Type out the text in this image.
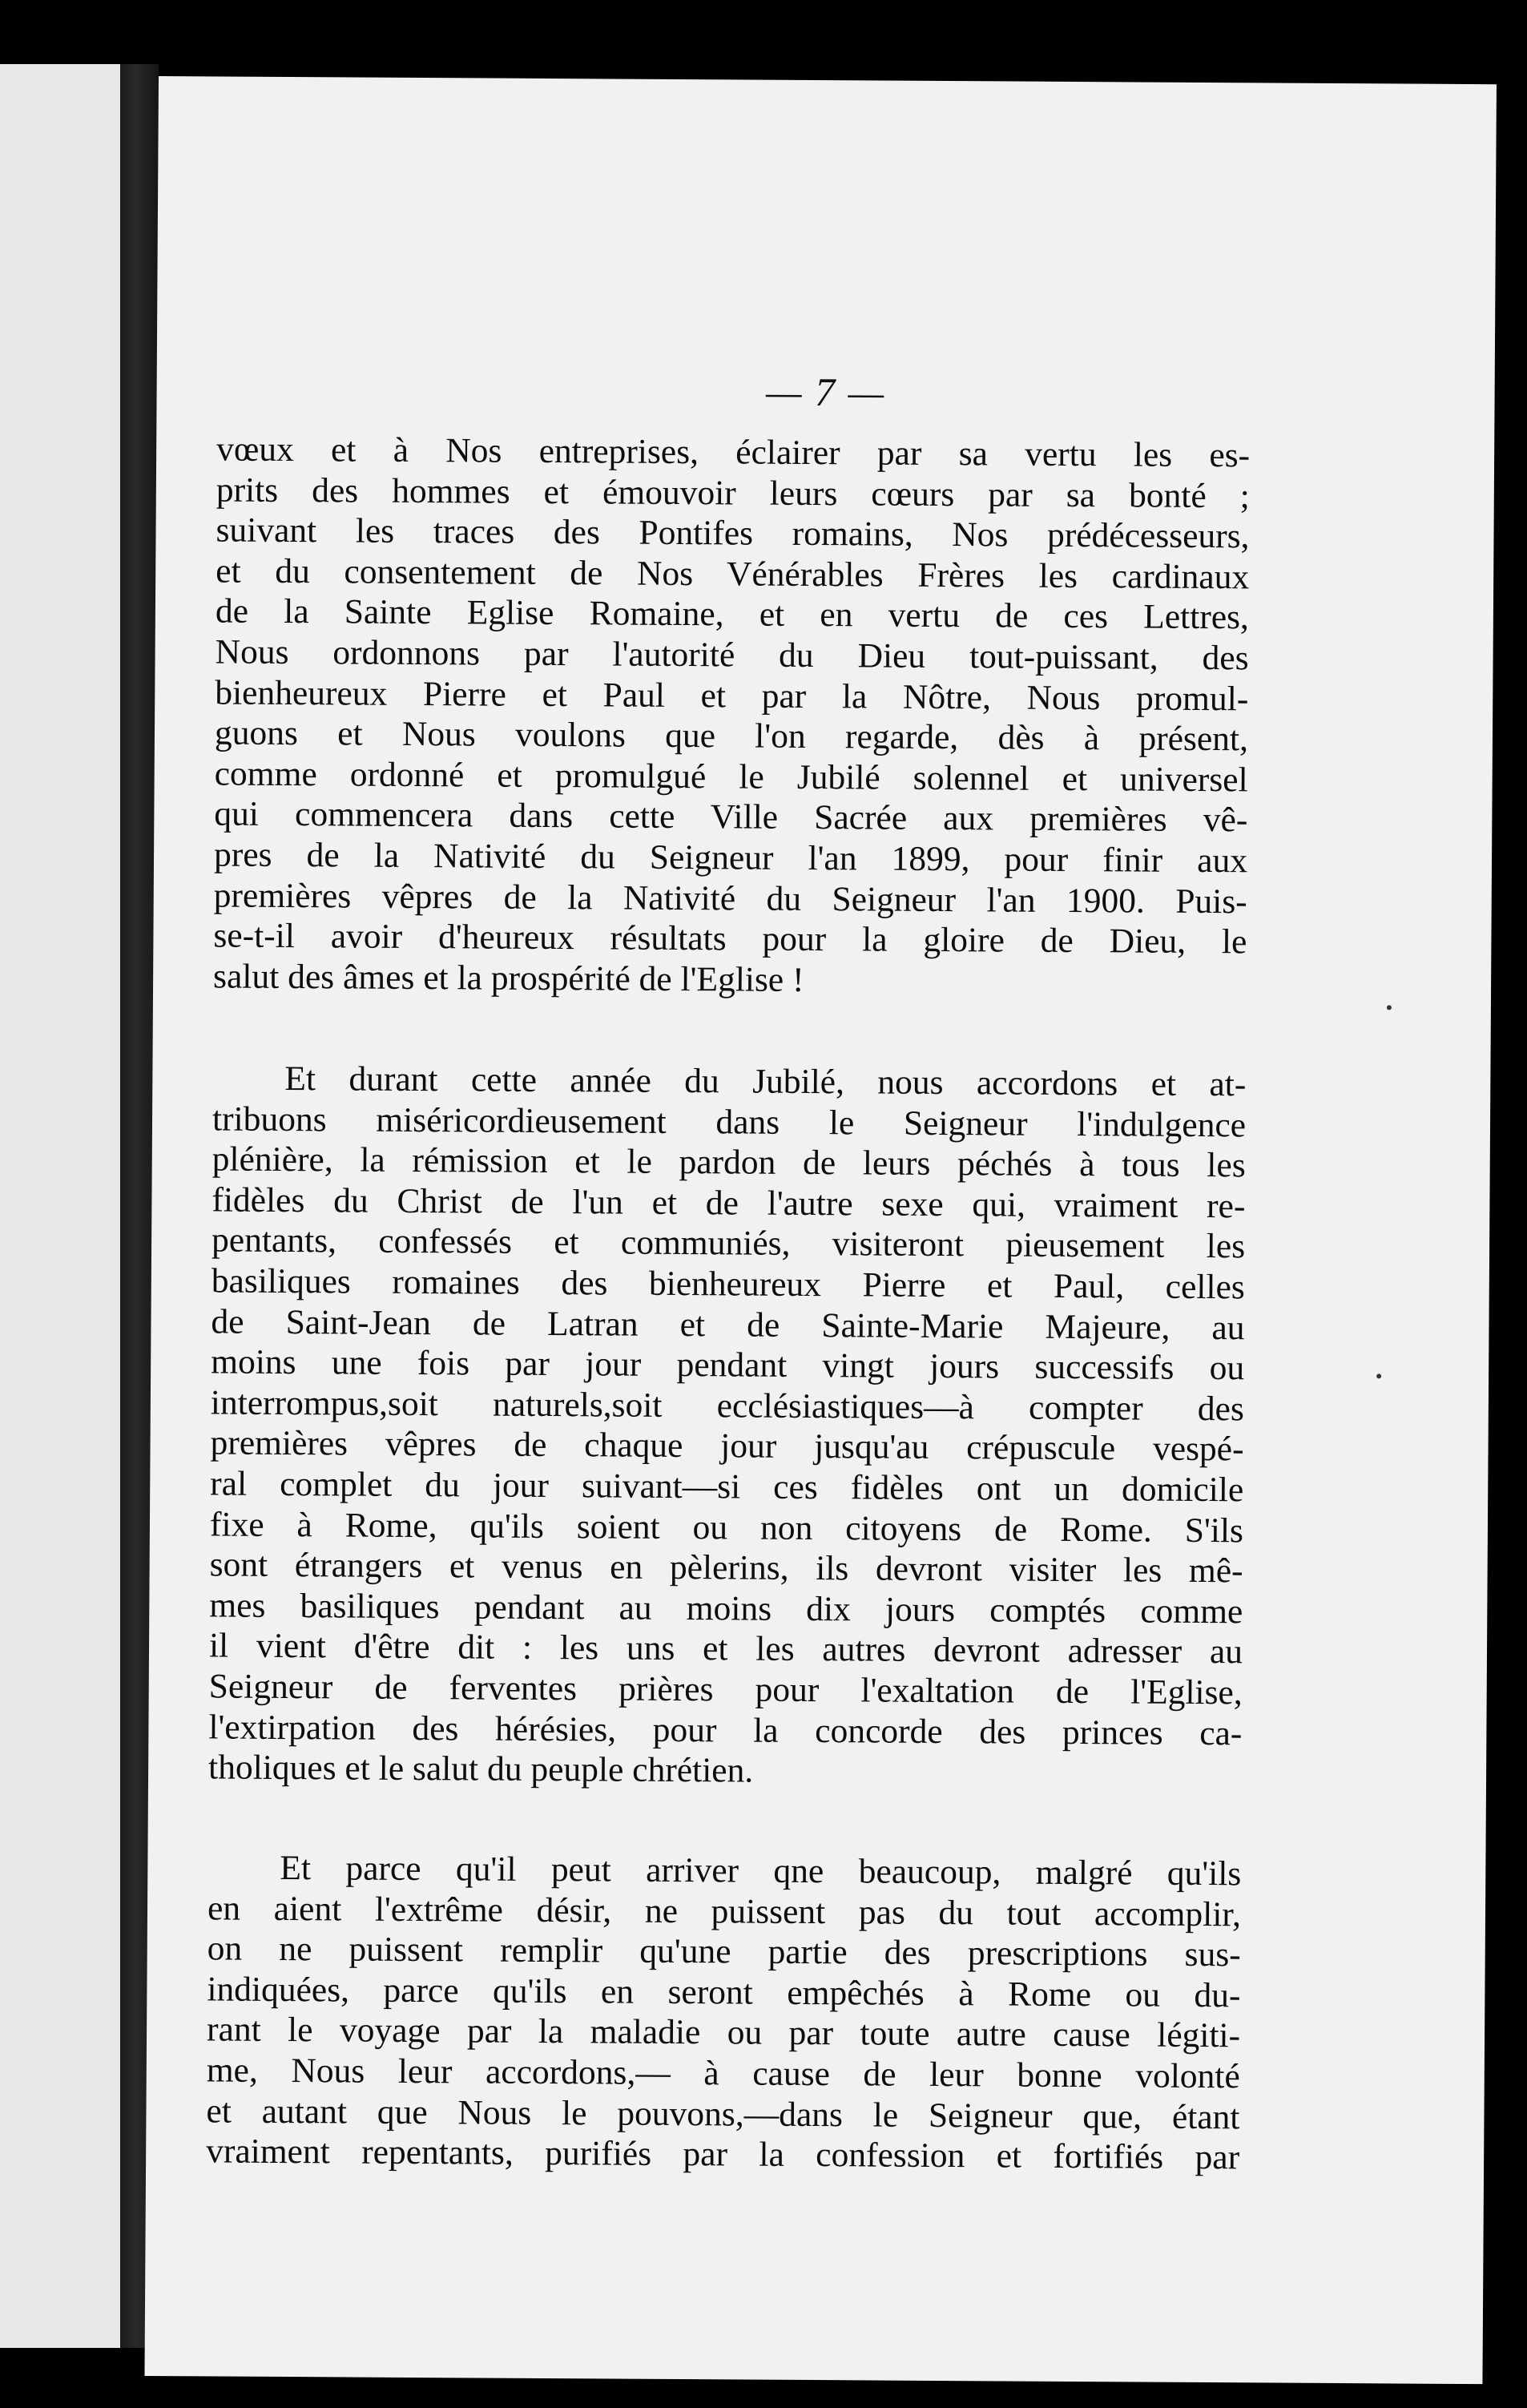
— 7 —
vœux et à Nos entreprises, éclairer par sa vertu les es-
prits des hommes et émouvoir leurs cœurs par sa bonté ;
suivant les traces des Pontifes romains, Nos prédécesseurs,
et du consentement de Nos Vénérables Frères les cardinaux
de la Sainte Eglise Romaine, et en vertu de ces Lettres,
Nous ordonnons par l'autorité du Dieu tout-puissant, des
bienheureux Pierre et Paul et par la Nôtre, Nous promul-
guons et Nous voulons que l'on regarde, dès à présent,
comme ordonné et promulgué le Jubilé solennel et universel
qui commencera dans cette Ville Sacrée aux premières vê-
pres de la Nativité du Seigneur l'an 1899, pour finir aux
premières vêpres de la Nativité du Seigneur l'an 1900. Puis-
se-t-il avoir d'heureux résultats pour la gloire de Dieu, le
salut des âmes et la prospérité de l'Eglise !
Et durant cette année du Jubilé, nous accordons et at-
tribuons miséricordieusement dans le Seigneur l'indulgence
plénière, la rémission et le pardon de leurs péchés à tous les
fidèles du Christ de l'un et de l'autre sexe qui, vraiment re-
pentants, confessés et communiés, visiteront pieusement les
basiliques romaines des bienheureux Pierre et Paul, celles
de Saint-Jean de Latran et de Sainte-Marie Majeure, au
moins une fois par jour pendant vingt jours successifs ou
interrompus,soit naturels,soit ecclésiastiques—à compter des
premières vêpres de chaque jour jusqu'au crépuscule vespé-
ral complet du jour suivant—si ces fidèles ont un domicile
fixe à Rome, qu'ils soient ou non citoyens de Rome. S'ils
sont étrangers et venus en pèlerins, ils devront visiter les mê-
mes basiliques pendant au moins dix jours comptés comme
il vient d'être dit : les uns et les autres devront adresser au
Seigneur de ferventes prières pour l'exaltation de l'Eglise,
l'extirpation des hérésies, pour la concorde des princes ca-
tholiques et le salut du peuple chrétien.
Et parce qu'il peut arriver qne beaucoup, malgré qu'ils
en aient l'extrême désir, ne puissent pas du tout accomplir,
on ne puissent remplir qu'une partie des prescriptions sus-
indiquées, parce qu'ils en seront empêchés à Rome ou du-
rant le voyage par la maladie ou par toute autre cause légiti-
me, Nous leur accordons,— à cause de leur bonne volonté
et autant que Nous le pouvons,—dans le Seigneur que, étant
vraiment repentants, purifiés par la confession et fortifiés par
